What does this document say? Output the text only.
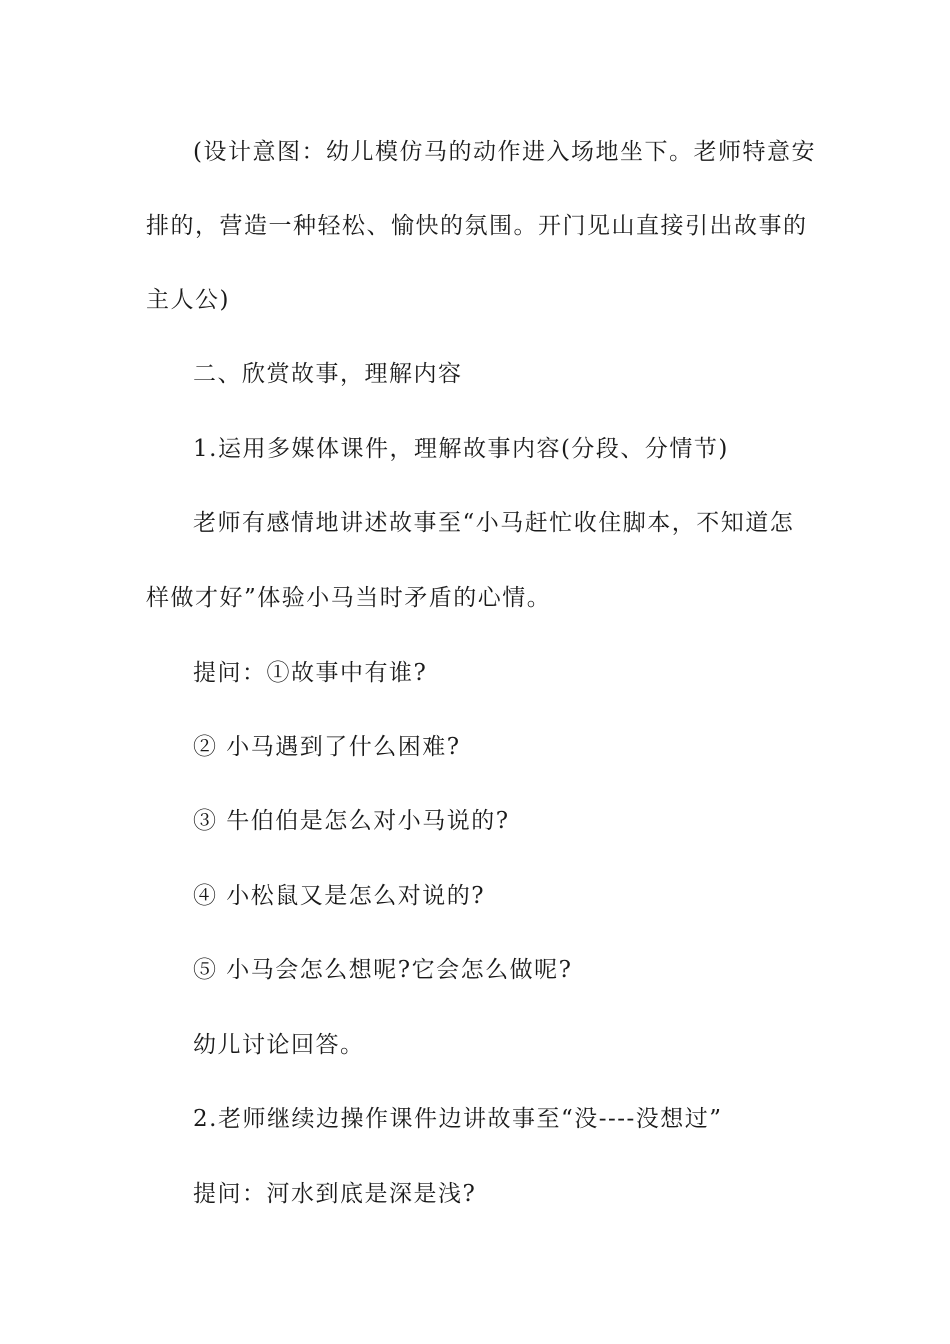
(设计意图：幼儿模仿马的动作进入场地坐下。老师特意安
排的，营造一种轻松、愉快的氛围。开门见山直接引出故事的
主人公)
二、欣赏故事，理解内容
1.运用多媒体课件，理解故事内容(分段、分情节)
老师有感情地讲述故事至“小马赶忙收住脚本，不知道怎
样做才好”体验小马当时矛盾的心情。
提问：①故事中有谁?
② 小马遇到了什么困难?
③ 牛伯伯是怎么对小马说的?
④ 小松鼠又是怎么对说的?
⑤ 小马会怎么想呢?它会怎么做呢?
幼儿讨论回答。
2.老师继续边操作课件边讲故事至“没----没想过”
提问：河水到底是深是浅?
